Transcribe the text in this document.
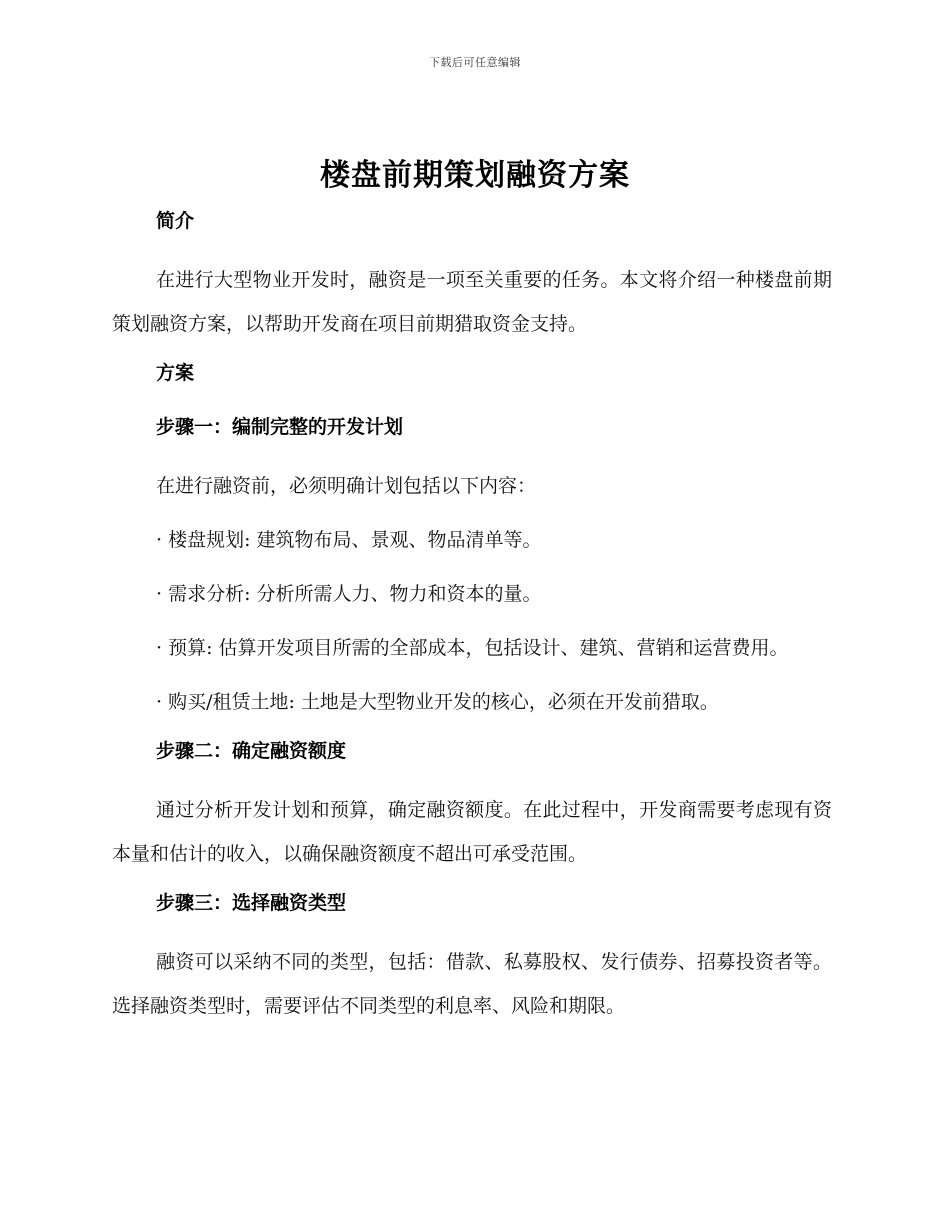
下载后可任意编辑
楼盘前期策划融资方案
简介

在进行大型物业开发时，融资是一项至关重要的任务。本文将介绍一种楼盘前期策划融资方案，以帮助开发商在项目前期猎取资金支持。

方案
步骤一：编制完整的开发计划

在进行融资前，必须明确计划包括以下内容：

· 楼盘规划: 建筑物布局、景观、物品清单等。

· 需求分析: 分析所需人力、物力和资本的量。

· 预算: 估算开发项目所需的全部成本，包括设计、建筑、营销和运营费用。

· 购买/租赁土地: 土地是大型物业开发的核心，必须在开发前猎取。

步骤二：确定融资额度

通过分析开发计划和预算，确定融资额度。在此过程中，开发商需要考虑现有资本量和估计的收入，以确保融资额度不超出可承受范围。

步骤三：选择融资类型

融资可以采纳不同的类型，包括：借款、私募股权、发行债券、招募投资者等。选择融资类型时，需要评估不同类型的利息率、风险和期限。
